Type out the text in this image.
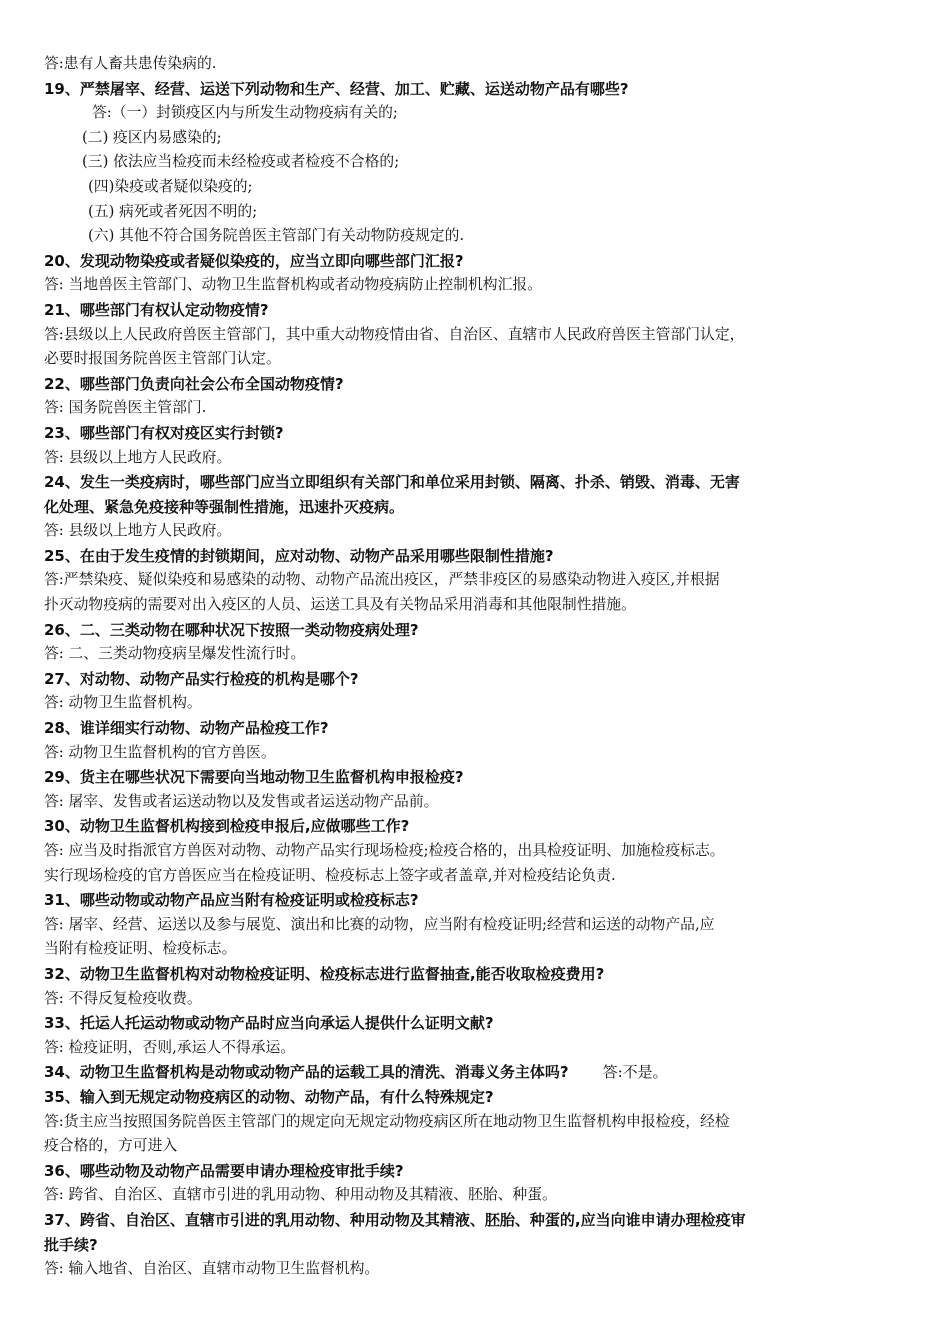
答:患有人畜共患传染病的.
19、严禁屠宰、经营、运送下列动物和生产、经营、加工、贮藏、运送动物产品有哪些?
答:（一）封锁疫区内与所发生动物疫病有关的;
(二) 疫区内易感染的;
(三) 依法应当检疫而未经检疫或者检疫不合格的;
(四)染疫或者疑似染疫的;
(五) 病死或者死因不明的;
(六) 其他不符合国务院兽医主管部门有关动物防疫规定的.
20、发现动物染疫或者疑似染疫的，应当立即向哪些部门汇报?
答: 当地兽医主管部门、动物卫生监督机构或者动物疫病防止控制机构汇报。
21、哪些部门有权认定动物疫情?
答:县级以上人民政府兽医主管部门，其中重大动物疫情由省、自治区、直辖市人民政府兽医主管部门认定，
必要时报国务院兽医主管部门认定。
22、哪些部门负责向社会公布全国动物疫情?
答: 国务院兽医主管部门.
23、哪些部门有权对疫区实行封锁?
答: 县级以上地方人民政府。
24、发生一类疫病时，哪些部门应当立即组织有关部门和单位采用封锁、隔离、扑杀、销毁、消毒、无害
化处理、紧急免疫接种等强制性措施，迅速扑灭疫病。
答: 县级以上地方人民政府。
25、在由于发生疫情的封锁期间，应对动物、动物产品采用哪些限制性措施?
答:严禁染疫、疑似染疫和易感染的动物、动物产品流出疫区，严禁非疫区的易感染动物进入疫区,并根据
扑灭动物疫病的需要对出入疫区的人员、运送工具及有关物品采用消毒和其他限制性措施。
26、二、三类动物在哪种状况下按照一类动物疫病处理?
答: 二、三类动物疫病呈爆发性流行时。
27、对动物、动物产品实行检疫的机构是哪个?
答: 动物卫生监督机构。
28、谁详细实行动物、动物产品检疫工作?
答: 动物卫生监督机构的官方兽医。
29、货主在哪些状况下需要向当地动物卫生监督机构申报检疫?
答: 屠宰、发售或者运送动物以及发售或者运送动物产品前。
30、动物卫生监督机构接到检疫申报后,应做哪些工作?
答: 应当及时指派官方兽医对动物、动物产品实行现场检疫;检疫合格的，出具检疫证明、加施检疫标志。
实行现场检疫的官方兽医应当在检疫证明、检疫标志上签字或者盖章,并对检疫结论负责.
31、哪些动物或动物产品应当附有检疫证明或检疫标志?
答: 屠宰、经营、运送以及参与展览、演出和比赛的动物，应当附有检疫证明;经营和运送的动物产品,应
当附有检疫证明、检疫标志。
32、动物卫生监督机构对动物检疫证明、检疫标志进行监督抽查,能否收取检疫费用?
答: 不得反复检疫收费。
33、托运人托运动物或动物产品时应当向承运人提供什么证明文献?
答: 检疫证明，否则,承运人不得承运。
34、动物卫生监督机构是动物或动物产品的运载工具的清洗、消毒义务主体吗? 答:不是。
35、输入到无规定动物疫病区的动物、动物产品，有什么特殊规定?
答:货主应当按照国务院兽医主管部门的规定向无规定动物疫病区所在地动物卫生监督机构申报检疫，经检
疫合格的，方可进入
36、哪些动物及动物产品需要申请办理检疫审批手续?
答: 跨省、自治区、直辖市引进的乳用动物、种用动物及其精液、胚胎、种蛋。
37、跨省、自治区、直辖市引进的乳用动物、种用动物及其精液、胚胎、种蛋的,应当向谁申请办理检疫审
批手续?
答: 输入地省、自治区、直辖市动物卫生监督机构。
